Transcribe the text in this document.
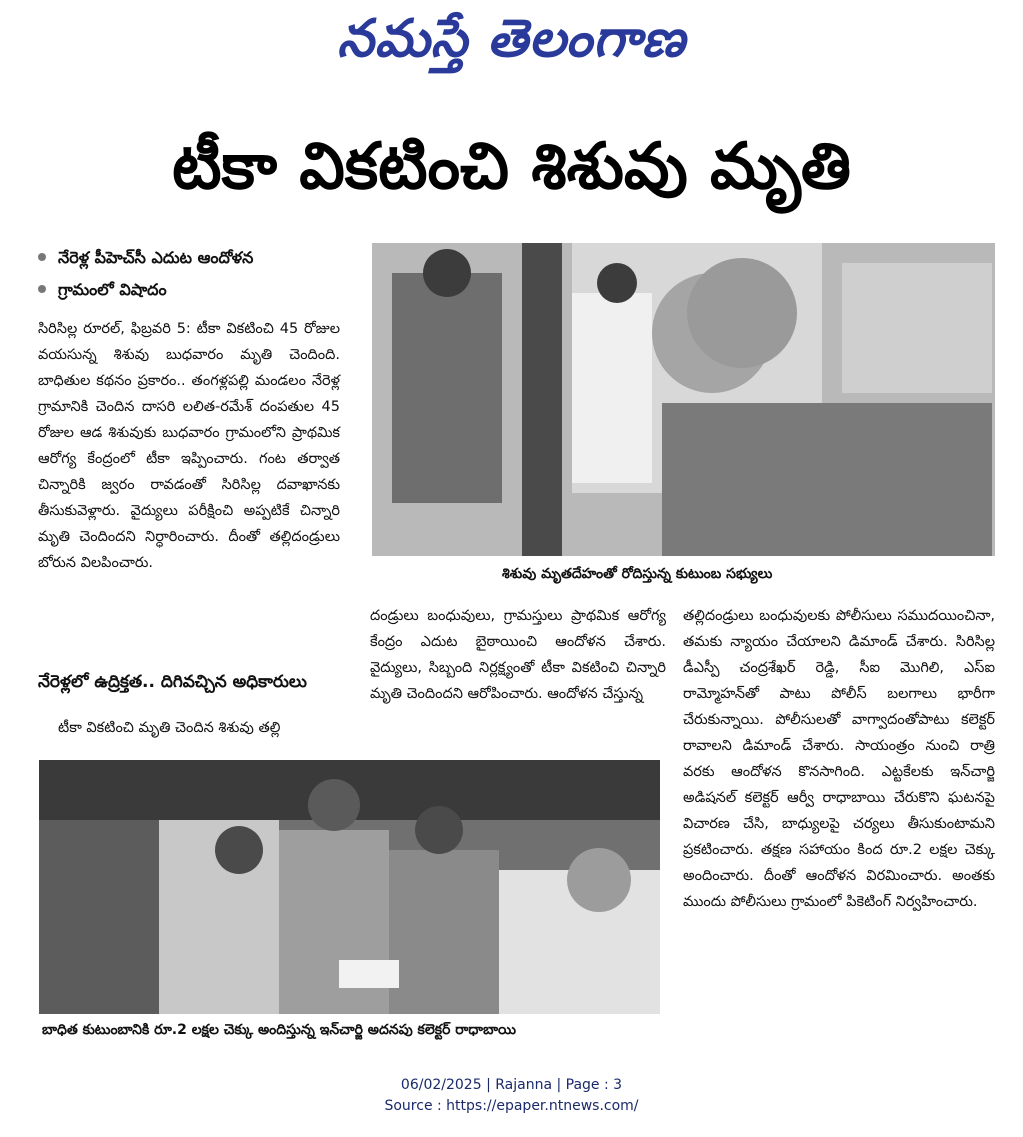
నమస్తే తెలంగాణ
టీకా వికటించి శిశువు మృతి
నేరెళ్ల పీహెచ్‌సీ ఎదుట ఆందోళన
గ్రామంలో విషాదం

సిరిసిల్ల రూరల్‌, ఫిబ్రవరి 5: టీకా వికటించి 45 రోజుల వయసున్న శిశువు బుధవారం మృతి చెందింది. బాధితుల కథనం ప్రకారం.. తంగళ్లపల్లి మండలం నేరెళ్ల గ్రామానికి చెందిన దాసరి లలిత-రమేశ్‌ దంపతుల 45 రోజుల ఆడ శిశువుకు బుధవారం గ్రామంలోని ప్రాథమిక ఆరోగ్య కేంద్రంలో టీకా ఇప్పించారు. గంట తర్వాత చిన్నారికి జ్వరం రావడంతో సిరిసిల్ల దవాఖానకు తీసుకువెళ్లారు. వైద్యులు పరీక్షించి అప్పటికే చిన్నారి మృతి చెందిందని నిర్ధారించారు. దీంతో తల్లిదండ్రులు బోరున విలపించారు.

నేరెళ్లలో ఉద్రిక్తత.. దిగివచ్చిన అధికారులు

టీకా వికటించి మృతి చెందిన శిశువు తల్లి

శిశువు మృతదేహంతో రోదిస్తున్న కుటుంబ సభ్యులు

దండ్రులు బంధువులు, గ్రామస్తులు ప్రాథమిక ఆరోగ్య కేంద్రం ఎదుట బైఠాయించి ఆందోళన చేశారు. వైద్యులు, సిబ్బంది నిర్లక్ష్యంతో టీకా వికటించి చిన్నారి మృతి చెందిందని ఆరోపించారు. ఆందోళన చేస్తున్న

తల్లిదండ్రులు బంధువులకు పోలీసులు సముదయించినా, తమకు న్యాయం చేయాలని డిమాండ్‌ చేశారు. సిరిసిల్ల డీఎస్పీ చంద్రశేఖర్‌ రెడ్డి, సీఐ మొగిలి, ఎస్‌ఐ రామ్మోహన్‌తో పాటు పోలీస్‌ బలగాలు భారీగా చేరుకున్నాయి. పోలీసులతో వాగ్వాదంతోపాటు కలెక్టర్‌ రావాలని డిమాండ్‌ చేశారు. సాయంత్రం నుంచి రాత్రి వరకు ఆందోళన కొనసాగింది. ఎట్టకేలకు ఇన్‌చార్జి అడిషనల్‌ కలెక్టర్‌ ఆర్వీ రాధాబాయి చేరుకొని ఘటనపై విచారణ చేసి, బాధ్యులపై చర్యలు తీసుకుంటామని ప్రకటించారు. తక్షణ సహాయం కింద రూ.2 లక్షల చెక్కు అందించారు. దీంతో ఆందోళన విరమించారు. అంతకు ముందు పోలీసులు గ్రామంలో పికెటింగ్‌ నిర్వహించారు.

బాధిత కుటుంబానికి రూ.2 లక్షల చెక్కు అందిస్తున్న ఇన్‌చార్జి అదనపు కలెక్టర్‌ రాధాబాయి
06/02/2025 | Rajanna | Page : 3
Source : https://epaper.ntnews.com/
